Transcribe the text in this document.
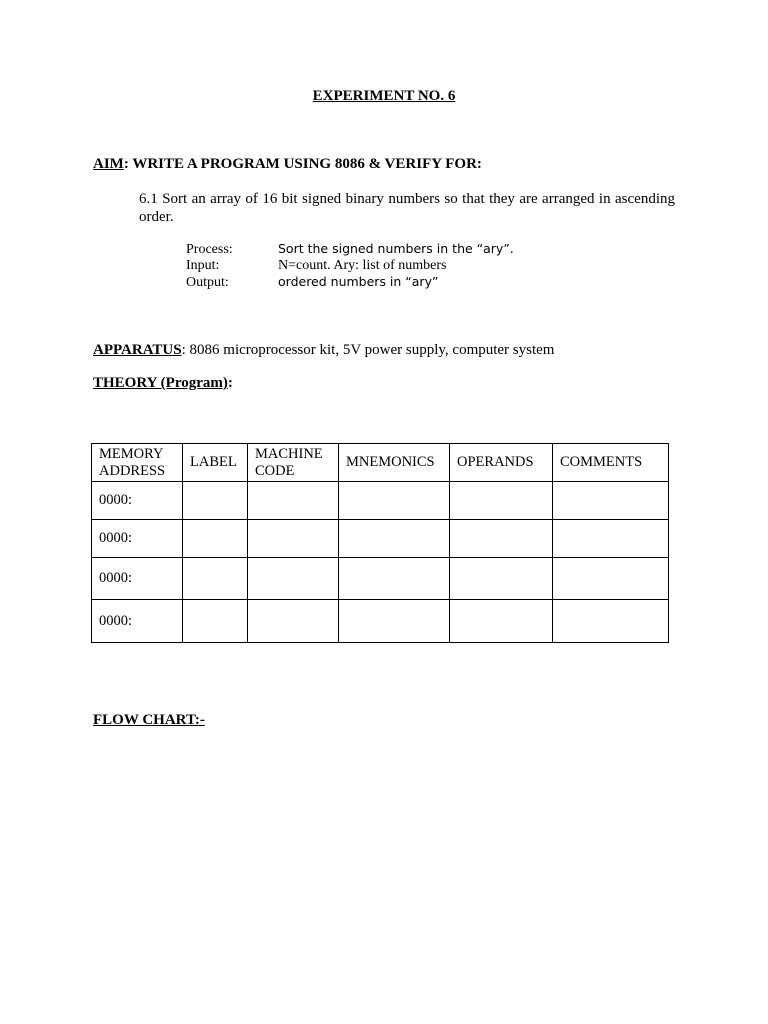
EXPERIMENT NO. 6
AIM: WRITE A PROGRAM USING 8086 & VERIFY FOR:
6.1 Sort an array of 16 bit signed binary numbers so that they are arranged in ascending order.
Process:	Sort the signed numbers in the “ary”.
Input:	N=count. Ary: list of numbers
Output:	ordered numbers in “ary”
APPARATUS: 8086 microprocessor kit, 5V power supply, computer system
THEORY (Program):
MEMORY ADDRESS	LABEL	MACHINE CODE	MNEMONICS	OPERANDS	COMMENTS
0000:					
0000:					
0000:					
0000:					
FLOW CHART:-
